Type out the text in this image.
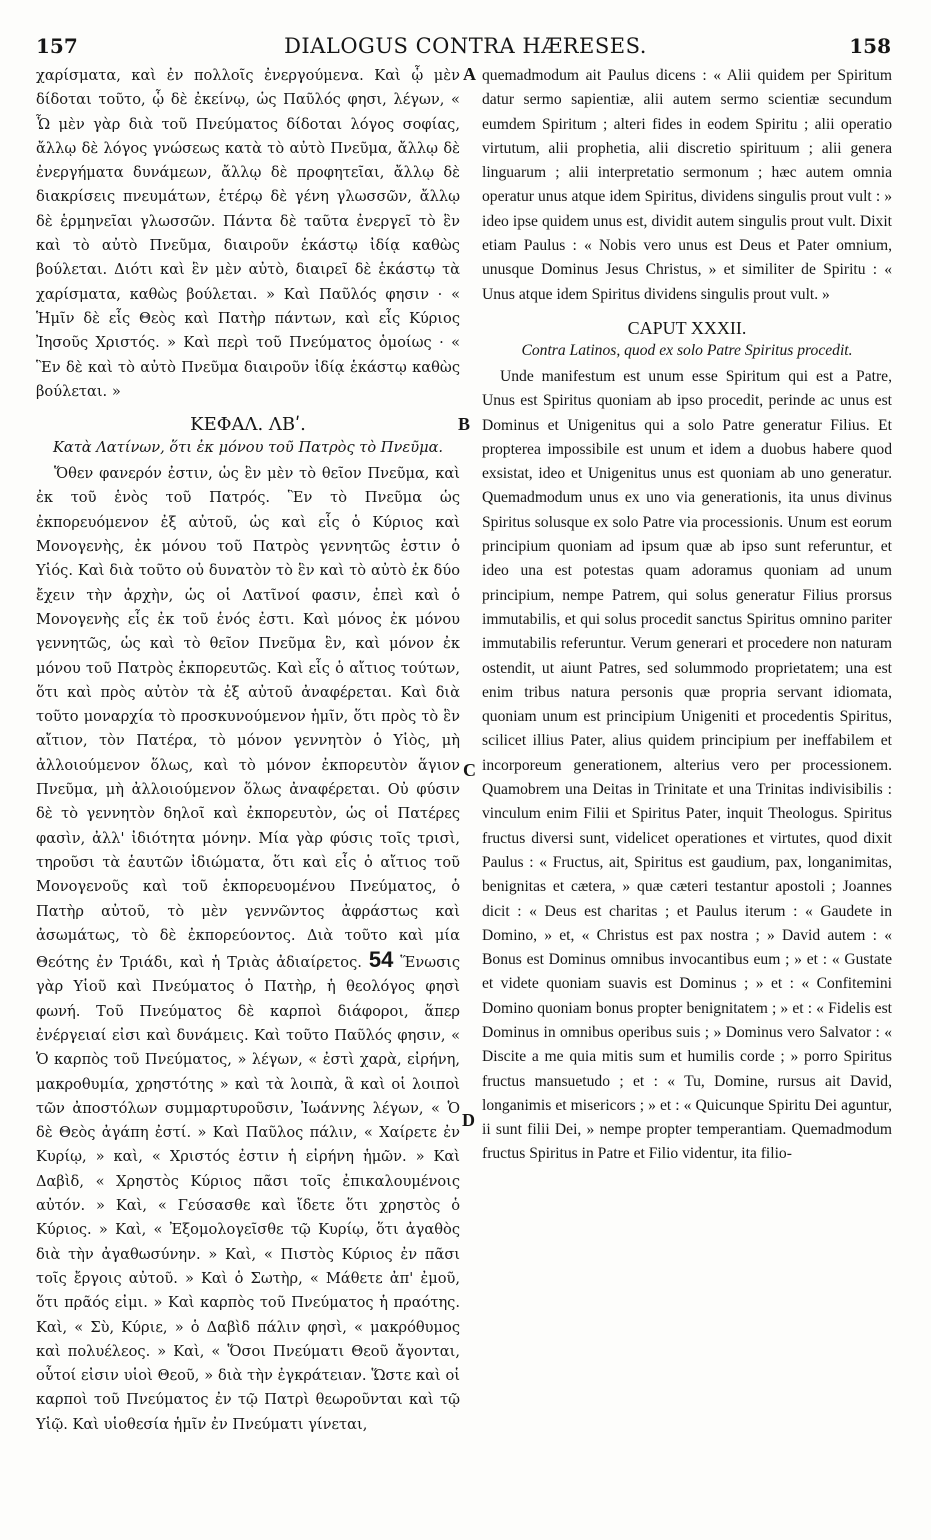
157	DIALOGUS CONTRA HÆRESES.	158

χαρίσματα, καὶ ἐν πολλοῖς ἐνεργούμενα. Καὶ ᾧ μὲν δίδοται τοῦτο, ᾧ δὲ ἐκείνῳ, ὡς Παῦλός φησι, λέγων, « Ὧ μὲν γὰρ διὰ τοῦ Πνεύματος δίδοται λόγος σοφίας, ἄλλῳ δὲ λόγος γνώσεως κατὰ τὸ αὐτὸ Πνεῦμα, ἄλλῳ δὲ ἐνεργήματα δυνάμεων, ἄλλῳ δὲ προφητεῖαι, ἄλλῳ δὲ διακρίσεις πνευμάτων, ἑτέρῳ δὲ γένη γλωσσῶν, ἄλλῳ δὲ ἑρμηνεῖαι γλωσσῶν. Πάντα δὲ ταῦτα ἐνεργεῖ τὸ ἓν καὶ τὸ αὐτὸ Πνεῦμα, διαιροῦν ἑκάστῳ ἰδίᾳ καθὼς βούλεται. Διότι καὶ ἓν μὲν αὐτὸ, διαιρεῖ δὲ ἑκάστῳ τὰ χαρίσματα, καθὼς βούλεται. » Καὶ Παῦλός φησιν · « Ἡμῖν δὲ εἷς Θεὸς καὶ Πατὴρ πάντων, καὶ εἷς Κύριος Ἰησοῦς Χριστός. » Καὶ περὶ τοῦ Πνεύματος ὁμοίως · « Ἓν δὲ καὶ τὸ αὐτὸ Πνεῦμα διαιροῦν ἰδίᾳ ἑκάστῳ καθὼς βούλεται. »

ΚΕΦΑΛ. ΛΒʹ.

Κατὰ Λατίνων, ὅτι ἐκ μόνου τοῦ Πατρὸς τὸ Πνεῦμα.

Ὅθεν φανερόν ἐστιν, ὡς ἓν μὲν τὸ θεῖον Πνεῦμα, καὶ ἐκ τοῦ ἑνὸς τοῦ Πατρός. Ἓν τὸ Πνεῦμα ὡς ἐκπορευόμενον ἐξ αὐτοῦ, ὡς καὶ εἷς ὁ Κύριος καὶ Μονογενὴς, ἐκ μόνου τοῦ Πατρὸς γεννητῶς ἐστιν ὁ Υἱός. Καὶ διὰ τοῦτο οὐ δυνατὸν τὸ ἓν καὶ τὸ αὐτὸ ἐκ δύο ἔχειν τὴν ἀρχὴν, ὡς οἱ Λατῖνοί φασιν, ἐπεὶ καὶ ὁ Μονογενὴς εἷς ἐκ τοῦ ἑνός ἐστι. Καὶ μόνος ἐκ μόνου γεννητῶς, ὡς καὶ τὸ θεῖον Πνεῦμα ἓν, καὶ μόνον ἐκ μόνου τοῦ Πατρὸς ἐκπορευτῶς. Καὶ εἷς ὁ αἴτιος τούτων, ὅτι καὶ πρὸς αὐτὸν τὰ ἐξ αὐτοῦ ἀναφέρεται. Καὶ διὰ τοῦτο μοναρχία τὸ προσκυνούμενον ἡμῖν, ὅτι πρὸς τὸ ἓν αἴτιον, τὸν Πατέρα, τὸ μόνον γεννητὸν ὁ Υἱὸς, μὴ ἀλλοιούμενον ὅλως, καὶ τὸ μόνον ἐκπορευτὸν ἅγιον Πνεῦμα, μὴ ἀλλοιούμενον ὅλως ἀναφέρεται. Οὐ φύσιν δὲ τὸ γεννητὸν δηλοῖ καὶ ἐκπορευτὸν, ὡς οἱ Πατέρες φασὶν, ἀλλ' ἰδιότητα μόνην. Μία γὰρ φύσις τοῖς τρισὶ, τηροῦσι τὰ ἑαυτῶν ἰδιώματα, ὅτι καὶ εἷς ὁ αἴτιος τοῦ Μονογενοῦς καὶ τοῦ ἐκπορευομένου Πνεύματος, ὁ Πατὴρ αὐτοῦ, τὸ μὲν γεννῶντος ἀφράστως καὶ ἀσωμάτως, τὸ δὲ ἐκπορεύοντος. Διὰ τοῦτο καὶ μία Θεότης ἐν Τριάδι, καὶ ἡ Τριὰς ἀδιαίρετος. 54 Ἕνωσις γὰρ Υἱοῦ καὶ Πνεύματος ὁ Πατὴρ, ἡ θεολόγος φησὶ φωνή. Τοῦ Πνεύματος δὲ καρποὶ διάφοροι, ἅπερ ἐνέργειαί εἰσι καὶ δυνάμεις. Καὶ τοῦτο Παῦλός φησιν, « Ὁ καρπὸς τοῦ Πνεύματος, » λέγων, « ἐστὶ χαρὰ, εἰρήνη, μακροθυμία, χρηστότης » καὶ τὰ λοιπὰ, ἃ καὶ οἱ λοιποὶ τῶν ἀποστόλων συμμαρτυροῦσιν, Ἰωάννης λέγων, « Ὁ δὲ Θεὸς ἀγάπη ἐστί. » Καὶ Παῦλος πάλιν, « Χαίρετε ἐν Κυρίῳ, » καὶ, « Χριστός ἐστιν ἡ εἰρήνη ἡμῶν. » Καὶ Δαβὶδ, « Χρηστὸς Κύριος πᾶσι τοῖς ἐπικαλουμένοις αὐτόν. » Καὶ, « Γεύσασθε καὶ ἴδετε ὅτι χρηστὸς ὁ Κύριος. » Καὶ, « Ἐξομολογεῖσθε τῷ Κυρίῳ, ὅτι ἀγαθὸς διὰ τὴν ἀγαθωσύνην. » Καὶ, « Πιστὸς Κύριος ἐν πᾶσι τοῖς ἔργοις αὐτοῦ. » Καὶ ὁ Σωτὴρ, « Μάθετε ἀπ' ἐμοῦ, ὅτι πρᾶός εἰμι. » Καὶ καρπὸς τοῦ Πνεύματος ἡ πραότης. Καὶ, « Σὺ, Κύριε, » ὁ Δαβὶδ πάλιν φησὶ, « μακρόθυμος καὶ πολυέλεος. » Καὶ, « Ὅσοι Πνεύματι Θεοῦ ἄγονται, οὗτοί εἰσιν υἱοὶ Θεοῦ, » διὰ τὴν ἐγκράτειαν. Ὥστε καὶ οἱ καρποὶ τοῦ Πνεύματος ἐν τῷ Πατρὶ θεωροῦνται καὶ τῷ Υἱῷ. Καὶ υἱοθεσία ἡμῖν ἐν Πνεύματι γίνεται,

quemadmodum ait Paulus dicens : « Alii quidem per Spiritum datur sermo sapientiæ, alii autem sermo scientiæ secundum eumdem Spiritum ; alteri fides in eodem Spiritu ; alii operatio virtutum, alii prophetia, alii discretio spirituum ; alii genera linguarum ; alii interpretatio sermonum ; hæc autem omnia operatur unus atque idem Spiritus, dividens singulis prout vult : » ideo ipse quidem unus est, dividit autem singulis prout vult. Dixit etiam Paulus : « Nobis vero unus est Deus et Pater omnium, unusque Dominus Jesus Christus, » et similiter de Spiritu : « Unus atque idem Spiritus dividens singulis prout vult. »

CAPUT XXXII.

Contra Latinos, quod ex solo Patre Spiritus procedit.

Unde manifestum est unum esse Spiritum qui est a Patre, Unus est Spiritus quoniam ab ipso procedit, perinde ac unus est Dominus et Unigenitus qui a solo Patre generatur Filius. Et propterea impossibile est unum et idem a duobus habere quod exsistat, ideo et Unigenitus unus est quoniam ab uno generatur. Quemadmodum unus ex uno via generationis, ita unus divinus Spiritus solusque ex solo Patre via processionis. Unum est eorum principium quoniam ad ipsum quæ ab ipso sunt referuntur, et ideo una est potestas quam adoramus quoniam ad unum principium, nempe Patrem, qui solus generatur Filius prorsus immutabilis, et qui solus procedit sanctus Spiritus omnino pariter immutabilis referuntur. Verum generari et procedere non naturam ostendit, ut aiunt Patres, sed solummodo proprietatem; una est enim tribus natura personis quæ propria servant idiomata, quoniam unum est principium Unigeniti et procedentis Spiritus, scilicet illius Pater, alius quidem principium per ineffabilem et incorporeum generationem, alterius vero per processionem. Quamobrem una Deitas in Trinitate et una Trinitas indivisibilis : vinculum enim Filii et Spiritus Pater, inquit Theologus. Spiritus fructus diversi sunt, videlicet operationes et virtutes, quod dixit Paulus : « Fructus, ait, Spiritus est gaudium, pax, longanimitas, benignitas et cætera, » quæ cæteri testantur apostoli ; Joannes dicit : « Deus est charitas ; et Paulus iterum : « Gaudete in Domino, » et, « Christus est pax nostra ; » David autem : « Bonus est Dominus omnibus invocantibus eum ; » et : « Gustate et videte quoniam suavis est Dominus ; » et : « Confitemini Domino quoniam bonus propter benignitatem ; » et : « Fidelis est Dominus in omnibus operibus suis ; » Dominus vero Salvator : « Discite a me quia mitis sum et humilis corde ; » porro Spiritus fructus mansuetudo ; et : « Tu, Domine, rursus ait David, longanimis et misericors ; » et : « Quicunque Spiritu Dei aguntur, ii sunt filii Dei, » nempe propter temperantiam. Quemadmodum fructus Spiritus in Patre et Filio videntur, ita filio-

A
B
C
D
